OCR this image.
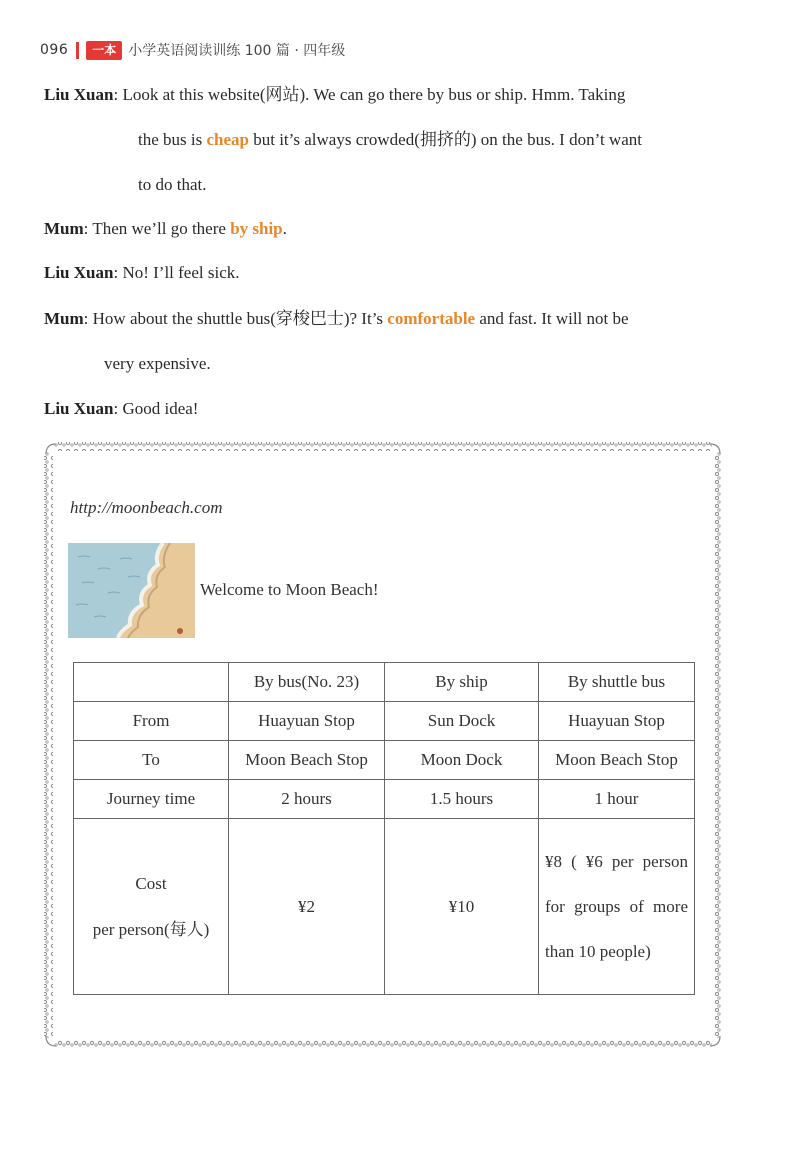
096	一本 小学英语阅读训练 100 篇 · 四年级
Liu Xuan: Look at this website(网站). We can go there by bus or ship. Hmm. Taking
the bus is cheap but it’s always crowded(拥挤的) on the bus. I don’t want
to do that.
Mum: Then we’ll go there by ship.
Liu Xuan: No! I’ll feel sick.
Mum: How about the shuttle bus(穿梭巴士)? It’s comfortable and fast. It will not be
very expensive.
Liu Xuan: Good idea!
http://moonbeach.com
Welcome to Moon Beach!
	By bus(No. 23)	By ship	By shuttle bus
From	Huayuan Stop	Sun Dock	Huayuan Stop
To	Moon Beach Stop	Moon Dock	Moon Beach Stop
Journey time	2 hours	1.5 hours	1 hour

Cost
per person(每人)	¥2	¥10	¥8 ( ¥6 per person for groups of more than 10 people)
